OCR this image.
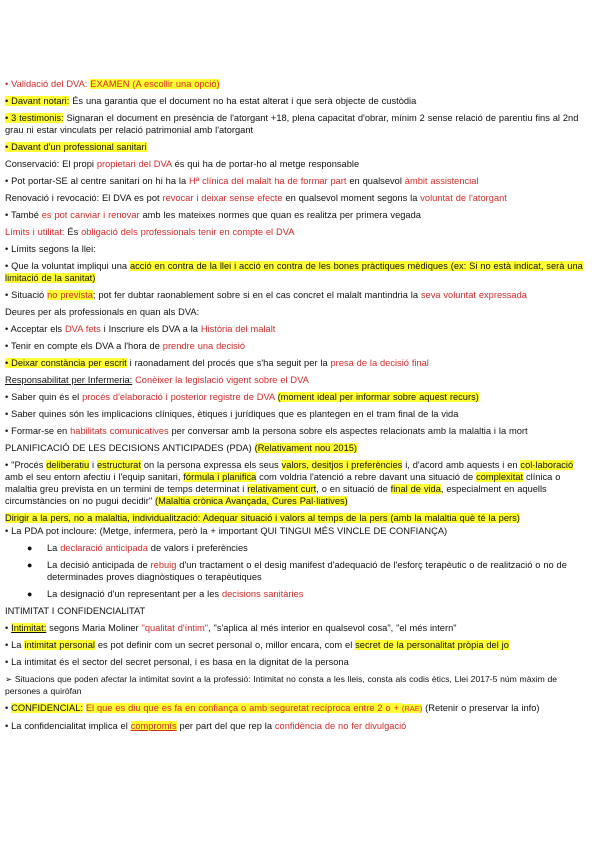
• Validació del DVA: EXAMEN (A escollir una opció)
• Davant notari: És una garantia que el document no ha estat alterat i que serà objecte de custòdia
• 3 testimonis: Signaran el document en presència de l'atorgant +18, plena capacitat d'obrar, mínim 2 sense relació de parentiu fins al 2nd grau ni estar vinculats per relació patrimonial amb l'atorgant
• Davant d'un professional sanitari
Conservació: El propi propietari del DVA és qui ha de portar-ho al metge responsable
• Pot portar-SE al centre sanitari on hi ha la Hª clínica del malalt ha de formar part en qualsevol àmbit assistencial
Renovació i revocació: El DVA es pot revocar i deixar sense efecte en qualsevol moment segons la voluntat de l'atorgant
• També es pot canviar i renovar amb les mateixes normes que quan es realitza per primera vegada
Límits i utilitat: És obligació dels professionals tenir en compte el DVA
• Límits segons la llei:
• Que la voluntat impliqui una acció en contra de la llei i acció en contra de les bones pràctiques mèdiques (ex: Si no està indicat, serà una limitació de la sanitat)
• Situació no prevista; pot fer dubtar raonablement sobre si en el cas concret el malalt mantindria la seva voluntat expressada
Deures per als professionals en quan als DVA:
• Acceptar els DVA fets i Inscriure els DVA a la Història del malalt
• Tenir en compte els DVA a l'hora de prendre una decisió
• Deixar constància per escrit i raonadament del procés que s'ha seguit per la presa de la decisió final
Responsabilitat per Infermeria: Conèixer la legislació vigent sobre el DVA
• Saber quin és el procés d'elaboració i posterior registre de DVA (moment ideal per informar sobre aquest recurs)
• Saber quines són les implicacions clíniques, ètiques i jurídiques que es plantegen en el tram final de la vida
• Formar-se en habilitats comunicatives per conversar amb la persona sobre els aspectes relacionats amb la malaltia i la mort
PLANIFICACIÓ DE LES DECISIONS ANTICIPADES (PDA) (Relativament nou 2015)
• "Procés deliberatiu i estructurat on la persona expressa els seus valors, desitjos i preferències i, d'acord amb aquests i en col·laboració amb el seu entorn afectiu i l'equip sanitari, fórmula i planifica com voldria l'atenció a rebre davant una situació de complexitat clínica o malaltia greu prevista en un termini de temps determinat i relativament curt, o en situació de final de vida, especialment en aquells circumstàncies on no pugui decidir" (Malaltia crònica Avançada, Cures Pal·liatives)
Dirigir a la pers, no a malaltia, individualització: Adequar situació i valors al temps de la pers (amb la malaltia què té la pers)
• La PDA pot incloure: (Metge, infermera, però la + important QUI TINGUI MÉS VINCLE DE CONFIANÇA)
● La declaració anticipada de valors i preferències
● La decisió anticipada de rebuig d'un tractament o el desig manifest d'adequació de l'esforç terapèutic o de realització o no de determinades proves diagnòstiques o terapèutiques
● La designació d'un representant per a les decisions sanitàries
INTIMITAT I CONFIDENCIALITAT
• Intimitat: segons Maria Moliner "qualitat d'íntim", "s'aplica al més interior en qualsevol cosa", "el més intern"
• La intimitat personal es pot definir com un secret personal o, millor encara, com el secret de la personalitat pròpia del jo
• La intimitat és el sector del secret personal, i es basa en la dignitat de la persona
➢ Situacions que poden afectar la intimitat sovint a la professió: Intimitat no consta a les lleis, consta als codis ètics, Llei 2017-5 núm màxim de persones a quiròfan
• CONFIDENCIAL: El que es diu que es fa en confiança o amb seguretat recíproca entre 2 o + (RAE) (Retenir o preservar la info)
• La confidencialitat implica el compromís per part del que rep la confidència de no fer divulgació
